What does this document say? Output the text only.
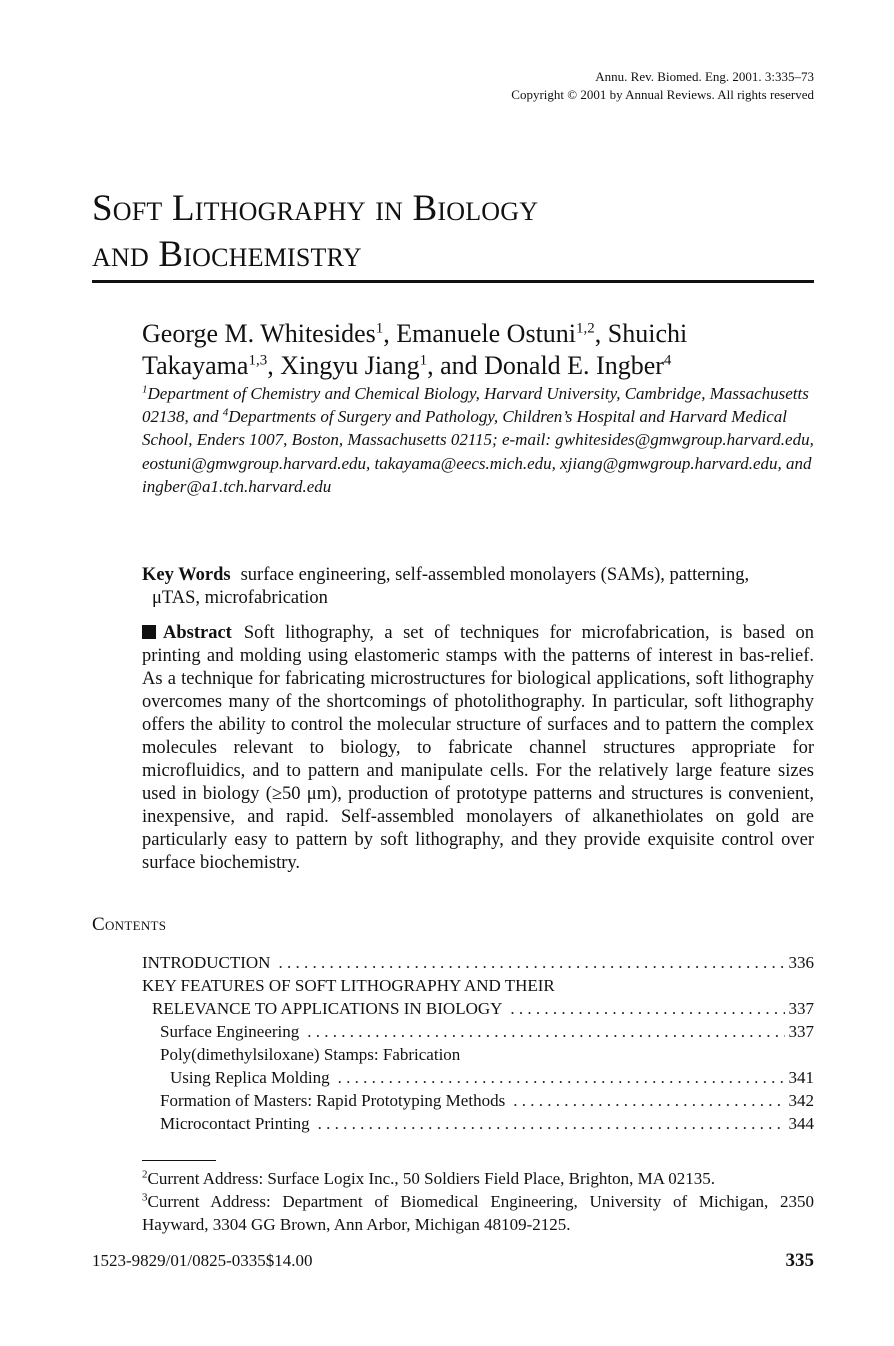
Annu. Rev. Biomed. Eng. 2001. 3:335–73
Copyright © 2001 by Annual Reviews. All rights reserved
Soft Lithography in Biology
and Biochemistry
George M. Whitesides$^1$, Emanuele Ostuni$^{1,2}$, Shuichi Takayama$^{1,3}$, Xingyu Jiang$^1$, and Donald E. Ingber$^4$
$^1$Department of Chemistry and Chemical Biology, Harvard University, Cambridge, Massachusetts 02138, and $^4$Departments of Surgery and Pathology, Children’s Hospital and Harvard Medical School, Enders 1007, Boston, Massachusetts 02115; e-mail: gwhitesides@gmwgroup.harvard.edu, eostuni@gmwgroup.harvard.edu, takayama@eecs.mich.edu, xjiang@gmwgroup.harvard.edu, and ingber@a1.tch.harvard.edu
Key Words surface engineering, self-assembled monolayers (SAMs), patterning,
μTAS, microfabrication
Abstract Soft lithography, a set of techniques for microfabrication, is based on printing and molding using elastomeric stamps with the patterns of interest in bas-relief. As a technique for fabricating microstructures for biological applications, soft lithography overcomes many of the shortcomings of photolithography. In particular, soft lithography offers the ability to control the molecular structure of surfaces and to pattern the complex molecules relevant to biology, to fabricate channel structures appropriate for microfluidics, and to pattern and manipulate cells. For the relatively large feature sizes used in biology (≥50 μm), production of prototype patterns and structures is convenient, inexpensive, and rapid. Self-assembled monolayers of alkanethiolates on gold are particularly easy to pattern by soft lithography, and they provide exquisite control over surface biochemistry.
Contents
INTRODUCTION . . .	336
KEY FEATURES OF SOFT LITHOGRAPHY AND THEIR
RELEVANCE TO APPLICATIONS IN BIOLOGY . . .	337
Surface Engineering . . .	337
Poly(dimethylsiloxane) Stamps: Fabrication
Using Replica Molding . . .	341
Formation of Masters: Rapid Prototyping Methods . . .	342
Microcontact Printing . . .	344
$^2$Current Address: Surface Logix Inc., 50 Soldiers Field Place, Brighton, MA 02135.
$^3$Current Address: Department of Biomedical Engineering, University of Michigan, 2350 Hayward, 3304 GG Brown, Ann Arbor, Michigan 48109-2125.
1523-9829/01/0825-0335$14.00	335
